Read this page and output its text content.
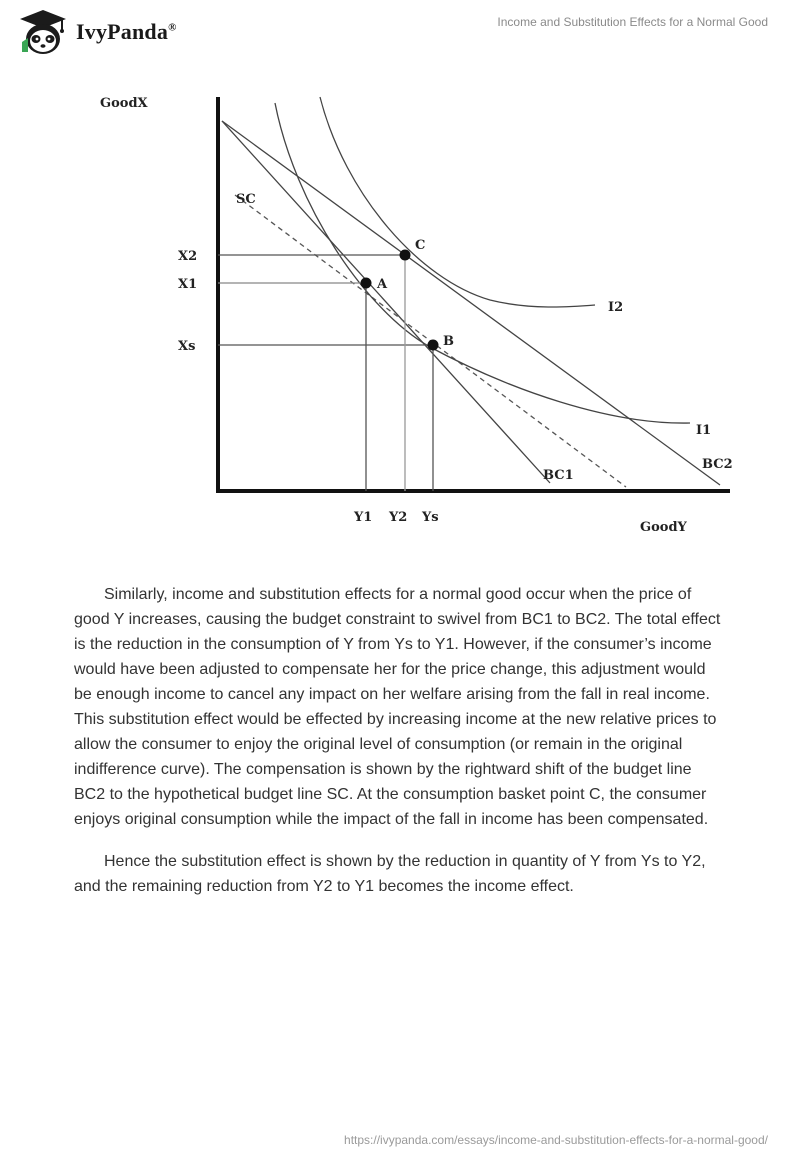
IvyPanda®	Income and Substitution Effects for a Normal Good
GoodX
GoodY
A
C
B
X2
X1
Xs
Y1 Y2 Ys
SC
I2
I1
BC2
BC1

Similarly, income and substitution effects for a normal good occur when the price of good Y increases, causing the budget constraint to swivel from BC1 to BC2. The total effect is the reduction in the consumption of Y from Ys to Y1. However, if the consumer’s income would have been adjusted to compensate her for the price change, this adjustment would be enough income to cancel any impact on her welfare arising from the fall in real income. This substitution effect would be effected by increasing income at the new relative prices to allow the consumer to enjoy the original level of consumption (or remain in the original indifference curve). The compensation is shown by the rightward shift of the budget line BC2 to the hypothetical budget line SC. At the consumption basket point C, the consumer enjoys original consumption while the impact of the fall in income has been compensated.

Hence the substitution effect is shown by the reduction in quantity of Y from Ys to Y2, and the remaining reduction from Y2 to Y1 becomes the income effect.

https://ivypanda.com/essays/income-and-substitution-effects-for-a-normal-good/
